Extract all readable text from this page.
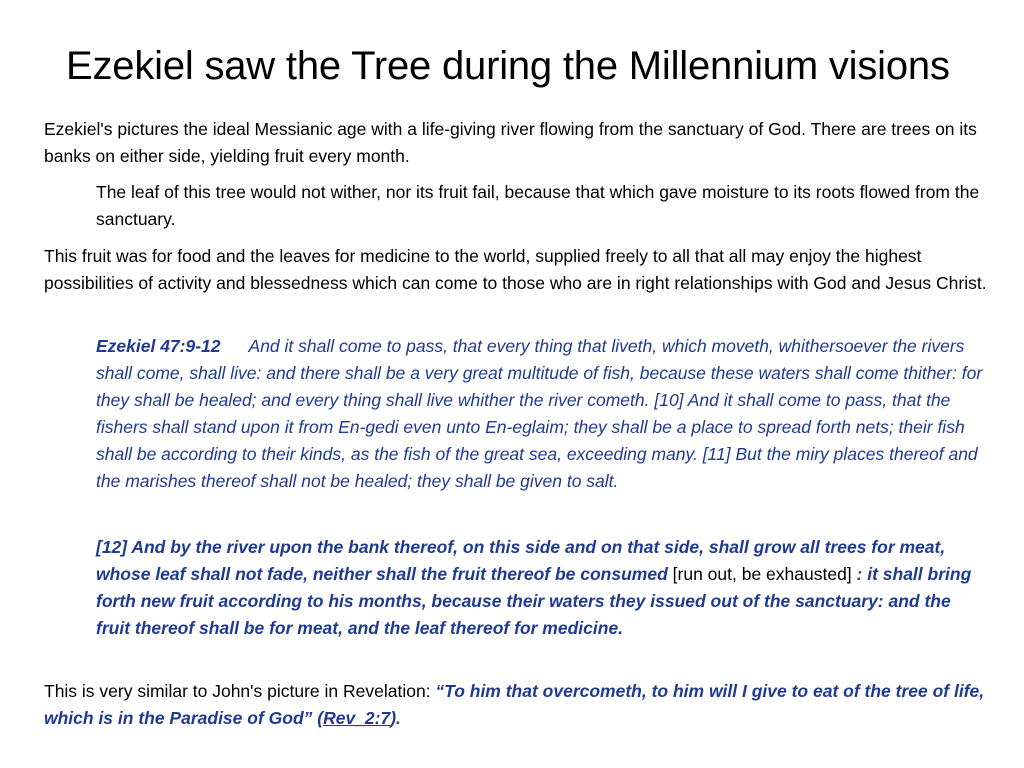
Ezekiel saw the Tree during the Millennium visions
Ezekiel's pictures the ideal Messianic age with a life-giving river flowing from the sanctuary of God. There are trees on its banks on either side, yielding fruit every month.
The leaf of this tree would not wither, nor its fruit fail, because that which gave moisture to its roots flowed from the sanctuary.
This fruit was for food and the leaves for medicine to the world, supplied freely to all that all may enjoy the highest possibilities of activity and blessedness which can come to those who are in right relationships with God and Jesus Christ.
Ezekiel 47:9-12 And it shall come to pass, that every thing that liveth, which moveth, whithersoever the rivers shall come, shall live: and there shall be a very great multitude of fish, because these waters shall come thither: for they shall be healed; and every thing shall live whither the river cometh. [10] And it shall come to pass, that the fishers shall stand upon it from En-gedi even unto En-eglaim; they shall be a place to spread forth nets; their fish shall be according to their kinds, as the fish of the great sea, exceeding many. [11] But the miry places thereof and the marishes thereof shall not be healed; they shall be given to salt.
[12] And by the river upon the bank thereof, on this side and on that side, shall grow all trees for meat, whose leaf shall not fade, neither shall the fruit thereof be consumed [run out, be exhausted] : it shall bring forth new fruit according to his months, because their waters they issued out of the sanctuary: and the fruit thereof shall be for meat, and the leaf thereof for medicine.
This is very similar to John's picture in Revelation: “To him that overcometh, to him will I give to eat of the tree of life, which is in the Paradise of God” (Rev_2:7).
